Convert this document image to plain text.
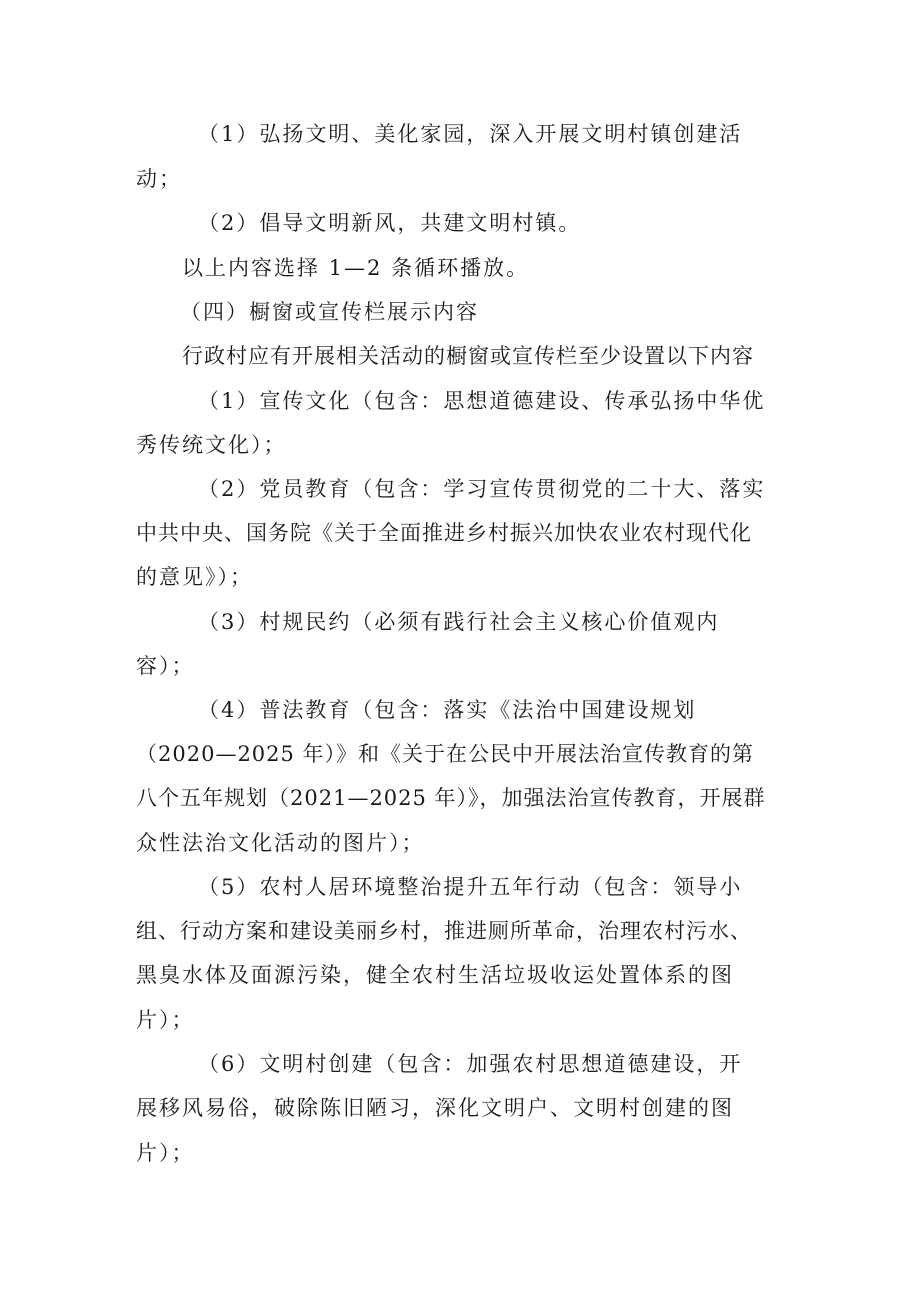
（1）弘扬文明、美化家园，深入开展文明村镇创建活
动；
（2）倡导文明新风，共建文明村镇。
以上内容选择 1—2 条循环播放。
（四）橱窗或宣传栏展示内容
行政村应有开展相关活动的橱窗或宣传栏至少设置以下内容
（1）宣传文化（包含：思想道德建设、传承弘扬中华优
秀传统文化）；
（2）党员教育（包含：学习宣传贯彻党的二十大、落实
中共中央、国务院《关于全面推进乡村振兴加快农业农村现代化
的意见》）；
（3）村规民约（必须有践行社会主义核心价值观内
容）；
（4）普法教育（包含：落实《法治中国建设规划
（2020—2025 年）》和《关于在公民中开展法治宣传教育的第
八个五年规划（2021—2025 年）》，加强法治宣传教育，开展群
众性法治文化活动的图片）；
（5）农村人居环境整治提升五年行动（包含：领导小
组、行动方案和建设美丽乡村，推进厕所革命，治理农村污水、
黑臭水体及面源污染，健全农村生活垃圾收运处置体系的图
片）；
（6）文明村创建（包含：加强农村思想道德建设，开
展移风易俗，破除陈旧陋习，深化文明户、文明村创建的图
片）；
